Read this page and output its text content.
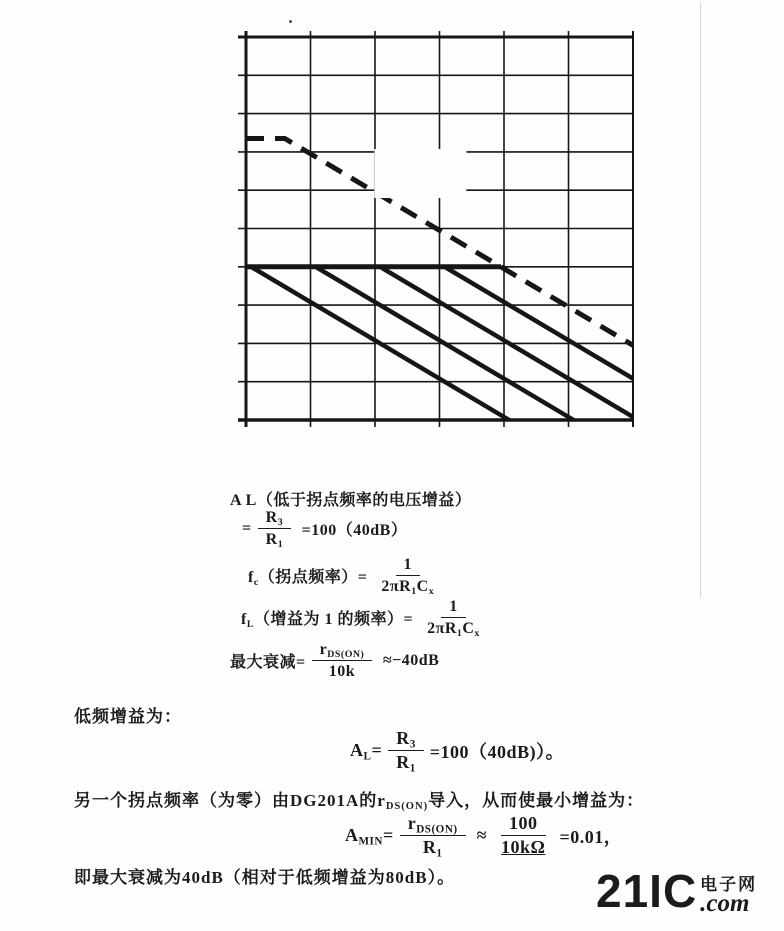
A L（低于拐点频率的电压增益）
= $\frac{R_3}{R_1} =100(40dB)$
$f_c$（拐点频率）= $\frac{1}{2\pi R_1C_x}$
$f_L$（增益为 1 的频率）= $\frac{1}{2\pi R_1C_x}$
最大衰减= $\frac{r_{DS(ON)}}{10k} \approx-40dB$
低频增益为：
$A_L= \frac{R_3}{R_1} =100(40dB)$）。
另一个拐点频率（为零）由DG201A的$r_{DS(ON)}$导入，从而使最小增益为：
$A_{MIN}= \frac{r_{DS(ON)}}{R_1} \approx \frac{100}{10k\Omega} =0.01$，
即最大衰减为40dB（相对于低频增益为80dB）。	21IC 电子网
.com
